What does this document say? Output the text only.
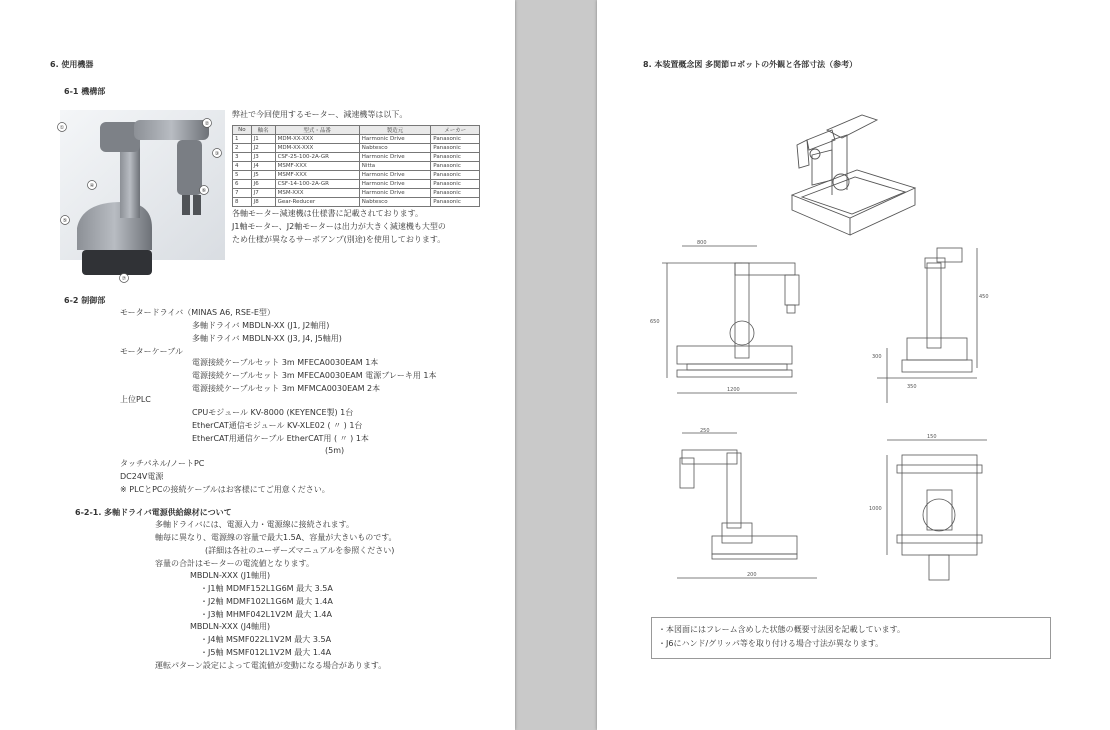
6. 使用機器
6-1 機構部
①
②
③
④
⑤
⑥
⑦
弊社で今回使用するモーター、減速機等は以下。
No	軸名	型式・品番	製造元	メーカー
1	J1	MDM-XX-XXX	Harmonic Drive	Panasonic
2	J2	MDM-XX-XXX	Nabtesco	Panasonic
3	J3	CSF-25-100-2A-GR	Harmonic Drive	Panasonic
4	J4	MSMF-XXX	Nitta	Panasonic
5	J5	MSMF-XXX	Harmonic Drive	Panasonic
6	J6	CSF-14-100-2A-GR	Harmonic Drive	Panasonic
7	J7	MSM-XXX	Harmonic Drive	Panasonic
8	J8	Gear-Reducer	Nabtesco	Panasonic
各軸モーター減速機は仕様書に記載されております。
J1軸モーター、J2軸モーターは出力が大きく減速機も大型の
ため仕様が異なるサーボアンプ(別途)を使用しております。
6-2 制御部
モータードライバ（MINAS A6, RSE-E型）
多軸ドライバ MBDLN-XX (J1, J2軸用)
多軸ドライバ MBDLN-XX (J3, J4, J5軸用)
モーターケーブル
電源接続ケーブルセット 3m MFECA0030EAM 1本
電源接続ケーブルセット 3m MFECA0030EAM 電源ブレーキ用 1本
電源接続ケーブルセット 3m MFMCA0030EAM 2本
上位PLC
CPUモジュール KV-8000 (KEYENCE製) 1台
EtherCAT通信モジュール KV-XLE02 ( 〃 ) 1台
EtherCAT用通信ケーブル EtherCAT用 ( 〃 ) 1本
(5m)
タッチパネル/ノートPC
DC24V電源
※ PLCとPCの接続ケーブルはお客様にてご用意ください。
6-2-1. 多軸ドライバ電源供給線材について
多軸ドライバには、電源入力・電源線に接続されます。
軸毎に異なり、電源線の容量で最大1.5A、容量が大きいものです。
(詳細は各社のユーザーズマニュアルを参照ください)
容量の合計はモーターの電流値となります。
MBDLN-XXX (J1軸用)
・J1軸 MDMF152L1G6M 最大 3.5A
・J2軸 MDMF102L1G6M 最大 1.4A
・J3軸 MHMF042L1V2M 最大 1.4A
MBDLN-XXX (J4軸用)
・J4軸 MSMF022L1V2M 最大 3.5A
・J5軸 MSMF012L1V2M 最大 1.4A
運転パターン設定によって電流値が変動になる場合があります。
8. 本装置概念図 多関節ロボットの外観と各部寸法（参考）
800
1200
650
450
350
300
250
200
150
1000
・本図面にはフレーム含めした状態の概要寸法図を記載しています。
・J6にハンド/グリッパ等を取り付ける場合寸法が異なります。
